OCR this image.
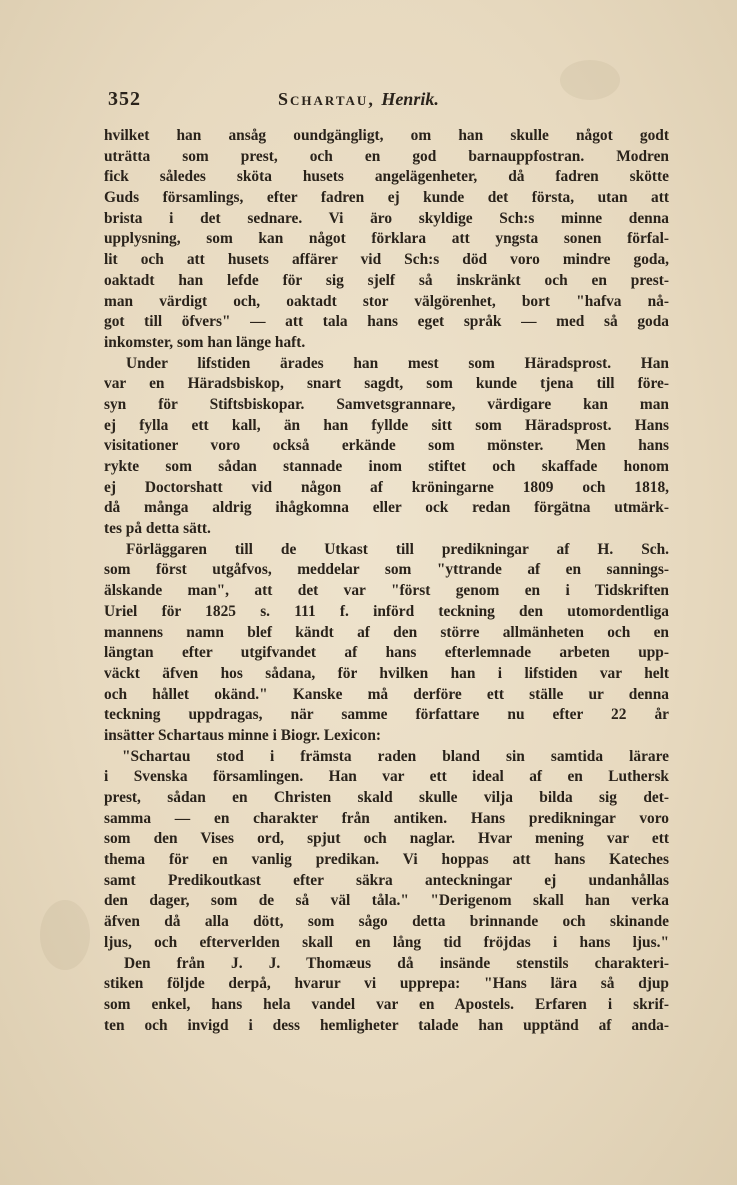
352	Schartau, Henrik.
hvilket han ansåg oundgängligt, om han skulle något godt
uträtta som prest, och en god barnauppfostran. Modren
fick således sköta husets angelägenheter, då fadren skötte
Guds församlings, efter fadren ej kunde det första, utan att
brista i det sednare. Vi äro skyldige Sch:s minne denna
upplysning, som kan något förklara att yngsta sonen förfal-
lit och att husets affärer vid Sch:s död voro mindre goda,
oaktadt han lefde för sig sjelf så inskränkt och en prest-
man värdigt och, oaktadt stor välgörenhet, bort "hafva nå-
got till öfvers" — att tala hans eget språk — med så goda
inkomster, som han länge haft.
Under lifstiden ärades han mest som Häradsprost. Han
var en Häradsbiskop, snart sagdt, som kunde tjena till före-
syn för Stiftsbiskopar. Samvetsgrannare, värdigare kan man
ej fylla ett kall, än han fyllde sitt som Häradsprost. Hans
visitationer voro också erkände som mönster. Men hans
rykte som sådan stannade inom stiftet och skaffade honom
ej Doctorshatt vid någon af kröningarne 1809 och 1818,
då många aldrig ihågkomna eller ock redan förgätna utmärk-
tes på detta sätt.
Förläggaren till de Utkast till predikningar af H. Sch.
som först utgåfvos, meddelar som "yttrande af en sannings-
älskande man", att det var "först genom en i Tidskriften
Uriel för 1825 s. 111 f. införd teckning den utomordentliga
mannens namn blef kändt af den större allmänheten och en
längtan efter utgifvandet af hans efterlemnade arbeten upp-
väckt äfven hos sådana, för hvilken han i lifstiden var helt
och hållet okänd." Kanske må derföre ett ställe ur denna
teckning uppdragas, när samme författare nu efter 22 år
insätter Schartaus minne i Biogr. Lexicon:
"Schartau stod i främsta raden bland sin samtida lärare
i Svenska församlingen. Han var ett ideal af en Luthersk
prest, sådan en Christen skald skulle vilja bilda sig det-
samma — en charakter från antiken. Hans predikningar voro
som den Vises ord, spjut och naglar. Hvar mening var ett
thema för en vanlig predikan. Vi hoppas att hans Kateches
samt Predikoutkast efter säkra anteckningar ej undanhållas
den dager, som de så väl tåla." "Derigenom skall han verka
äfven då alla dött, som sågo detta brinnande och skinande
ljus, och efterverlden skall en lång tid fröjdas i hans ljus."
Den från J. J. Thomæus då insände stenstils charakteri-
stiken följde derpå, hvarur vi upprepa: "Hans lära så djup
som enkel, hans hela vandel var en Apostels. Erfaren i skrif-
ten och invigd i dess hemligheter talade han upptänd af anda-
